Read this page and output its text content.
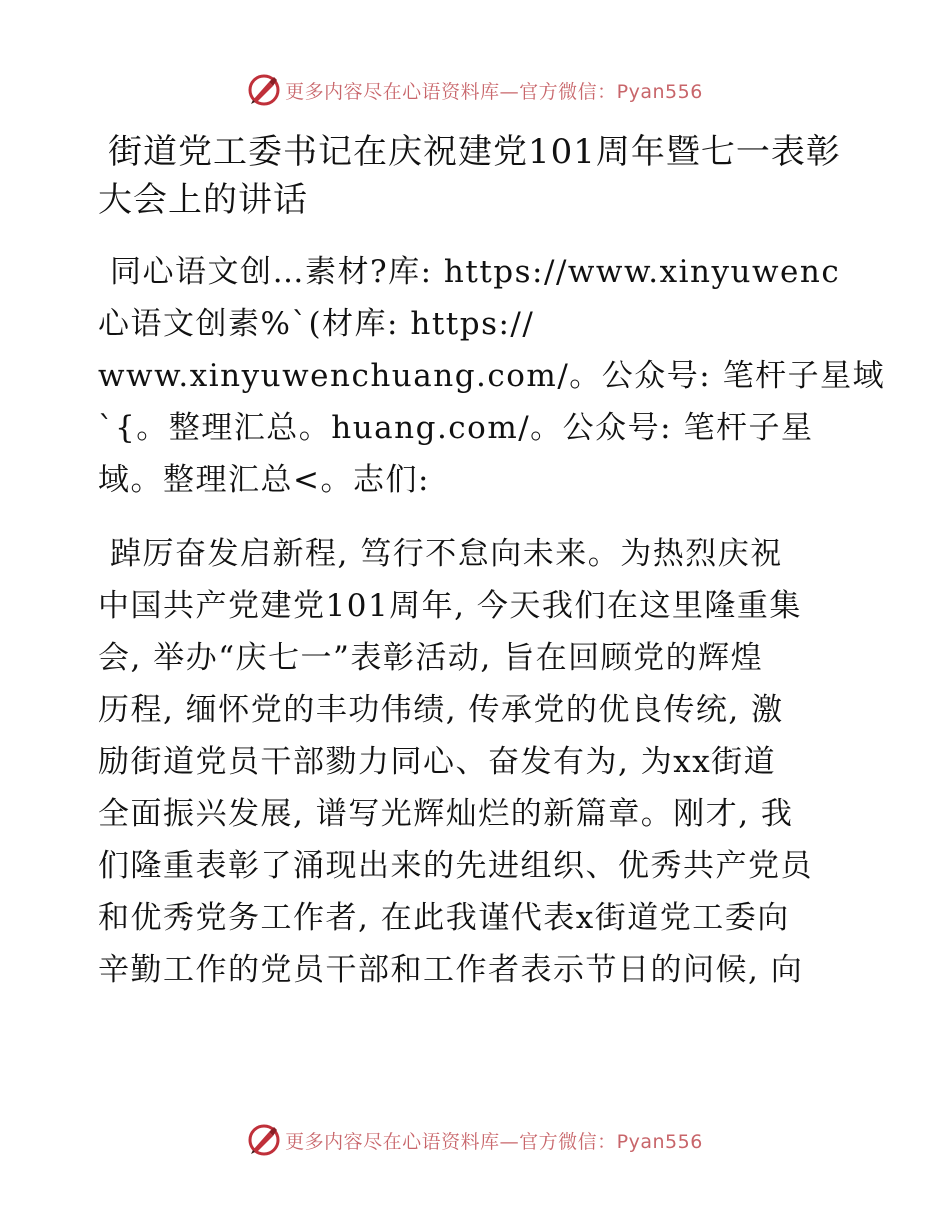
更多内容尽在心语资料库—官方微信：Pyan556
街道党工委书记在庆祝建党101周年暨七一表彰
大会上的讲话
同心语文创…素材?库: https://www.xinyuwenc
心语文创素%`(材库: https://
www.xinyuwenchuang.com/。公众号: 笔杆子星域
`{。整理汇总。huang.com/。公众号: 笔杆子星
域。整理汇总<。志们:
踔厉奋发启新程, 笃行不怠向未来。为热烈庆祝
中国共产党建党101周年, 今天我们在这里隆重集
会, 举办“庆七一”表彰活动, 旨在回顾党的辉煌
历程, 缅怀党的丰功伟绩, 传承党的优良传统, 激
励街道党员干部勠力同心、奋发有为, 为xx街道
全面振兴发展, 谱写光辉灿烂的新篇章。刚才, 我
们隆重表彰了涌现出来的先进组织、优秀共产党员
和优秀党务工作者, 在此我谨代表x街道党工委向
辛勤工作的党员干部和工作者表示节日的问候, 向
更多内容尽在心语资料库—官方微信：Pyan556
